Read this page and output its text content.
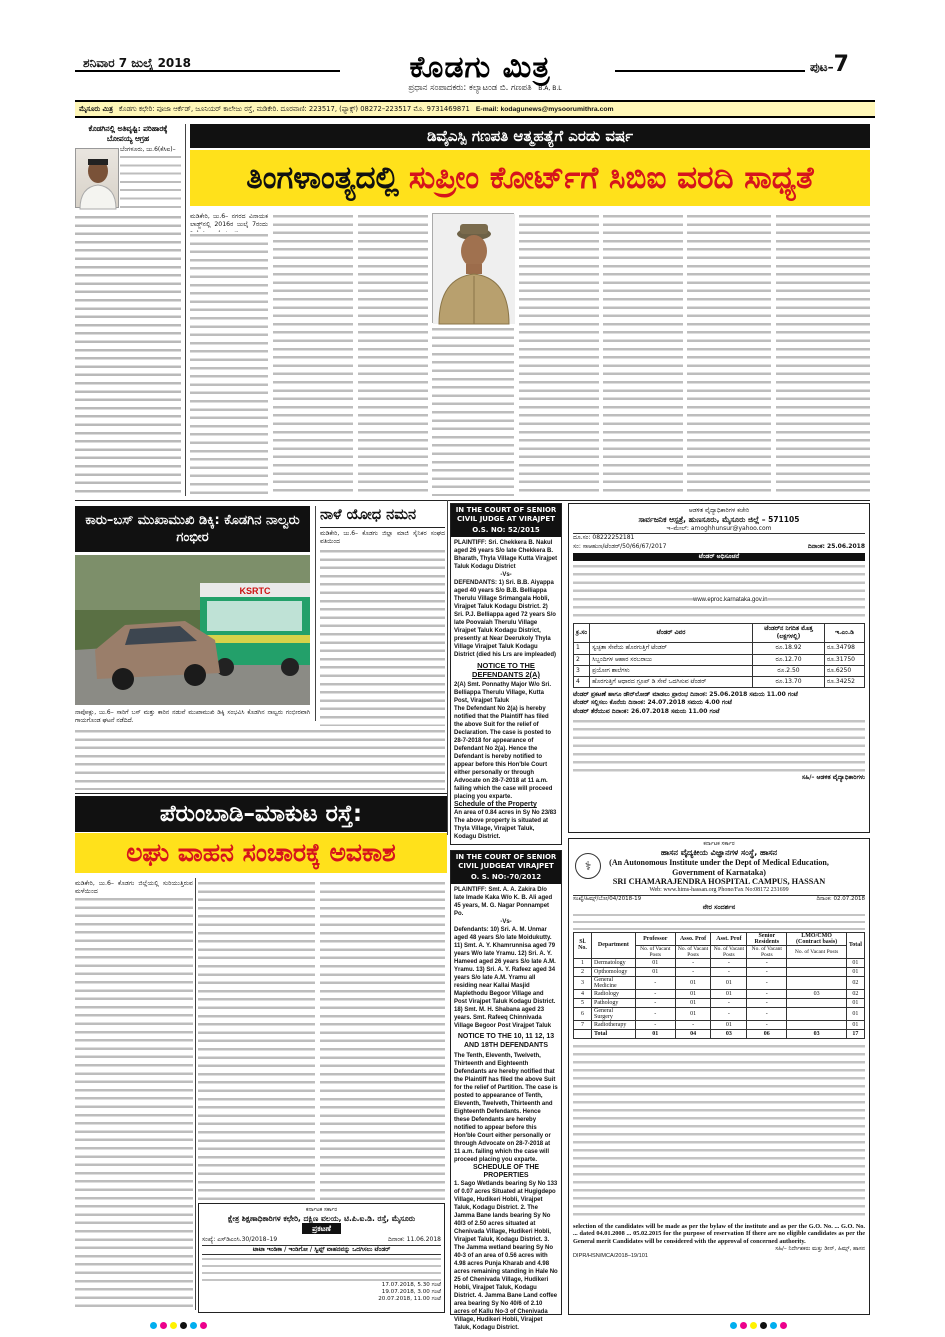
ಶನಿವಾರ 7 ಜುಲೈ 2018	ಕೊಡಗು ಮಿತ್ರ
ಪ್ರಧಾನ ಸಂಪಾದಕರು: ಕಲ್ಯಾಟಂಡ ಬಿ. ಗಣಪತಿ B.A, B.L
ಪುಟ–7
ಮೈಸೂರು ಮಿತ್ರ ಕೊಡಗು ಕಛೇರಿ: ಪೂಜಾ ಆರ್ಕೆಡ್, ಜೂನಿಯರ್ ಕಾಲೇಜು ರಸ್ತೆ, ಮಡಿಕೇರಿ. ದೂರವಾಣಿ: 223517, (ಫ್ಯಾಕ್ಸ್) 08272–223517 ಮೊ. 9731469871 E-mail: kodagunews@mysoorumithra.com
ಕೊಡಗಿನಲ್ಲಿ ಅತಿವೃಷ್ಟಿ: ಪರಿಹಾರಕ್ಕೆ ಬೋಪಯ್ಯ ಆಗ್ರಹ
ಬೆಂಗಳೂರು, ಜು.6(ಕೆಸಿಐ)–
ಡಿವೈಎಸ್ಪಿ ಗಣಪತಿ ಆತ್ಮಹತ್ಯೆಗೆ ಎರಡು ವರ್ಷ
ತಿಂಗಳಾಂತ್ಯದಲ್ಲಿ ಸುಪ್ರೀಂ ಕೋರ್ಟ್‌ಗೆ ಸಿಬಿಐ ವರದಿ ಸಾಧ್ಯತೆ
ಮಡಿಕೇರಿ, ಜು.6– ನಗರದ ವಿನಾಯಕ ಲಾಡ್ಜ್‌ನಲ್ಲಿ 2016ರ ಜುಲೈ 7ರಂದು
ಕಾರು–ಬಸ್ ಮುಖಾಮುಖಿ ಡಿಕ್ಕಿ: ಕೊಡಗಿನ ನಾಲ್ವರು ಗಂಭೀರ
KSRTC
ನಾಪೋಕ್ಲು, ಜು.6– ಸಾರಿಗೆ ಬಸ್ ಮತ್ತು ಕಾರಿನ ನಡುವೆ ಮುಖಾಮುಖಿ ಡಿಕ್ಕಿ ಸಂಭವಿಸಿ ಕೊಡಗಿನ ನಾಲ್ವರು ಗಂಭೀರವಾಗಿ ಗಾಯಗೊಂಡ ಘಟನೆ ನಡೆದಿದೆ.
ನಾಳೆ ಯೋಧ ನಮನ
ಮಡಿಕೇರಿ, ಜು.6– ಕೊಡಗು ಜಿಲ್ಲಾ ಮಾಜಿ ಸೈನಿಕರ ಸಂಘದ ವತಿಯಿಂದ
ಪೆರುಂಬಾಡಿ–ಮಾಕುಟ ರಸ್ತೆ:
ಲಘು ವಾಹನ ಸಂಚಾರಕ್ಕೆ ಅವಕಾಶ
ಮಡಿಕೇರಿ, ಜು.6– ಕೊಡಗು ಜಿಲ್ಲೆಯಲ್ಲಿ ಸುರಿಯುತ್ತಿರುವ ಮಳೆಯಿಂದ
ಕರ್ನಾಟಕ ಸರ್ಕಾರ
ಕ್ಷೇತ್ರ ಶಿಕ್ಷಣಾಧಿಕಾರಿಗಳ ಕಛೇರಿ, ದಕ್ಷಿಣ ವಲಯ, ಟಿ.ಪಿ.ಐ.ಡಿ. ರಸ್ತೆ, ಮೈಸೂರು
ಪ್ರಕಟಣೆ
ಸಂಖ್ಯೆ: ಎಸ್‌ಡಿಎಂಸಿ.30/2018–19	ದಿನಾಂಕ: 11.06.2018
ಟಾಟಾ ಇಂಡಿಕಾ / ಇಂಡಿಗೋ / ಸ್ವಿಫ್ಟ್ ವಾಹನವನ್ನು ಒದಗಿಸಲು ಟೆಂಡರ್
17.07.2018, 5.30 ಗಂಟೆ
19.07.2018, 3.00 ಗಂಟೆ
20.07.2018, 11.00 ಗಂಟೆ
IN THE COURT OF SENIOR CIVIL JUDGE AT VIRAJPET
O.S. NO: 52/2015
PLAINTIFF: Sri. Chekkera B. Nakul aged 26 years S/o late Chekkera B. Bharath, Thyla Village Kutta Virajpet Taluk Kodagu District
-Vs-
DEFENDANTS: 1) Sri. B.B. Aiyappa aged 40 years S/o B.B. Belliappa Therulu Village Srimangala Hobli, Virajpet Taluk Kodagu District. 2) Sri. P.J. Belliappa aged 72 years S/o late Poovaiah Therulu Village Virajpet Taluk Kodagu District, presently at Near Deerukoly Thyla Village Virajpet Taluk Kodagu District (died his Lrs are impleaded)
NOTICE TO THE DEFENDANTS 2(A)
2(A) Smt. Ponnathy Major W/o Sri. Belliappa Therulu Village, Kutta Post, Virajpet Taluk
The Defendant No 2(a) is hereby notified that the Plaintiff has filed the above Suit for the relief of Declaration. The case is posted to 28-7-2018 for appearance of Defendant No 2(a). Hence the Defendant is hereby notified to appear before this Hon'ble Court either personally or through Advocate on 28-7-2018 at 11 a.m. failing which the case will proceed placing you exparte.
Schedule of the Property
An area of 0.84 acres in Sy No 23/83 The above property is situated at Thyla Village, Virajpet Taluk, Kodagu District.
IN THE COURT OF SENIOR CIVIL JUDGEAT VIRAJPET
O. S. NO:-70/2012
PLAINTIFF: Smt. A. A. Zakira D/o late Imade Kaka W/o K. B. Ali aged 45 years, M. G. Nagar Ponnampet Po.
-Vs-
Defendants: 10) Sri. A. M. Unmar aged 48 years S/o late Moidukutty. 11) Smt. A. Y. Khamrunnisa aged 79 years W/o late Yramu. 12) Sri. A. Y. Hameed aged 26 years S/o late A.M. Yramu. 13) Sri. A. Y. Rafeez aged 34 years S/o late A.M. Yramu all residing near Kallai Masjid Maplethodu Begoor Village and Post Virajpet Taluk Kodagu District. 18) Smt. M. H. Shabana aged 23 years. Smt. Rafeeq Chinnivada Village Begoor Post Virajpet Taluk
NOTICE TO THE 10, 11 12, 13 AND 18TH DEFENDANTS
The Tenth, Eleventh, Twelveth, Thirteenth and Eighteenth Defendants are hereby notified that the Plaintiff has filed the above Suit for the relief of Partition. The case is posted to appearance of Tenth, Eleventh, Twelveth, Thirteenth and Eighteenth Defendants. Hence these Defendants are hereby notified to appear before this Hon'ble Court either personally or through Advocate on 28-7-2018 at 11 a.m. failing which the case will proceed placing you exparte.
SCHEDULE OF THE PROPERTIES
1. Sago Wetlands bearing Sy No 133 of 0.07 acres Situated at Hugigdepo Village, Hudikeri Hobli, Virajpet Taluk, Kodagu District. 2. The Jamma Bane lands bearing Sy No 40/3 of 2.50 acres situated at Chenivada Village, Hudikeri Hobli, Virajpet Taluk, Kodagu District. 3. The Jamma wetland bearing Sy No 40-3 of an area of 0.56 acres with 4.98 acres Punja Kharab and 4.98 acres remaining standing in Hale No 25 of Chenivada Village, Hudikeri Hobli, Virajpet Taluk, Kodagu District. 4. Jamma Bane Land coffee area bearing Sy No 40/6 of 2.10 acres of Kallu No-3 of Chenivada Village, Hudikeri Hobli, Virajpet Taluk, Kodagu District.
ಆಡಳಿತ ವೈದ್ಯಾಧಿಕಾರಿಗಳ ಕಚೇರಿ
ಸಾರ್ವಜನಿಕ ಆಸ್ಪತ್ರೆ, ಹುಣಸೂರು, ಮೈಸೂರು ಜಿಲ್ಲೆ – 571105
ಇ–ಮೇಲ್: amoghhunsur@yahoo.com
ದೂ.ಸಂ: 08222252181
ಸಂ: ಸಾಆಹುಣ/ಟೆಂಡರ್/50/66/67/2017	ದಿನಾಂಕ: 25.06.2018
ಟೆಂಡರ್ ಅಧಿಸೂಚನೆ
www.eproc.karnataka.gov.in
ಕ್ರ.ಸಂ	ಟೆಂಡರ್ ವಿವರ	ಟೆಂಡರ್‌ನ ನಿಗದಿತ ಮೊತ್ತ (ಲಕ್ಷಗಳಲ್ಲಿ)	ಇ.ಎಂ.ಡಿ
1	ಸ್ವಚ್ಛತಾ ಸೇವೆಯ ಹೊರಗುತ್ತಿಗೆ ಟೆಂಡರ್	ರೂ.18.92	ರೂ.34798
2	ಸಿಬ್ಬಂದಿಗಳ ಆಹಾರ ಸರಬರಾಜು	ರೂ.12.70	ರೂ.31750
3	ಪ್ರಯೋಗ ಶಾಲೆಗಳು	ರೂ.2.50	ರೂ.6250
4	ಹೊರಗುತ್ತಿಗೆ ಆಧಾರದ ಗ್ರೂಪ್ ಡಿ ಸೇವೆ ಒದಗಿಸುವ ಟೆಂಡರ್	ರೂ.13.70	ರೂ.34252
ಟೆಂಡರ್ ಪ್ರಕಟಣೆ ಹಾಗೂ ಡೌನ್‌ಲೋಡ್ ಮಾಡಲು ಪ್ರಾರಂಭ ದಿನಾಂಕ: 25.06.2018 ಸಮಯ 11.00 ಗಂಟೆ
ಟೆಂಡರ್ ಸಲ್ಲಿಸಲು ಕೊನೆಯ ದಿನಾಂಕ: 24.07.2018 ಸಮಯ 4.00 ಗಂಟೆ
ಟೆಂಡರ್ ತೆರೆಯುವ ದಿನಾಂಕ: 26.07.2018 ಸಮಯ 11.00 ಗಂಟೆ
ಸಹಿ/– ಆಡಳಿತ ವೈದ್ಯಾಧಿಕಾರಿಗಳು
⚕
ಕರ್ನಾಟಕ ಸರ್ಕಾರ
ಹಾಸನ ವೈದ್ಯಕೀಯ ವಿಜ್ಞಾನಗಳ ಸಂಸ್ಥೆ, ಹಾಸನ
(An Autonomous Institute under the Dept of Medical Education, Government of Karnataka)
SRI CHAMARAJENDRA HOSPITAL CAMPUS, HASSAN
Web: www.hims-hassan.org Phone/Fax No:08172 231699
ಸಂಖ್ಯೆ/ಹಿಮ್ಸ್/ಬೋ/04/2018-19	ದಿನಾಂಕ: 02.07.2018
ನೇರ ಸಂದರ್ಶನ
Sl. No.	Department	Professor	Asso. Prof	Asst. Prof	Senior Residents	LMO/CMO (Contract basis)	Total
		No. of Vacant Posts	No. of Vacant Posts	No. of Vacant Posts	No. of Vacant Posts	No. of Vacant Posts	
1	Dermatology	01	-	-	-		01
2	Opthomology	01	-	-	-		01
3	General Medicine	-	01	01	-		02
4	Radiology	-	01	01	-	03	02
5	Pathology	-	01	-	-		01
6	General Surgery	-	01	-	-		01
7	Radiotherapy	-	-	01	-		01
	Total	01	04	03	06	03	17
selection of the candidates will be made as per the bylaw of the institute and as per the G.O. No. ... G.O. No. ... dated 04.01.2008 ... 05.02.2015 for the purpose of reservation If there are no eligible candidates as per the General merit Candidates will be considered with the approval of concerned authority.
ಸಹಿ/– ನಿರ್ದೇಶಕರು ಮತ್ತು ಡೀನ್, ಹಿಮ್ಸ್, ಹಾಸನ
DIPR/HSN/MCA/2018–19/101
